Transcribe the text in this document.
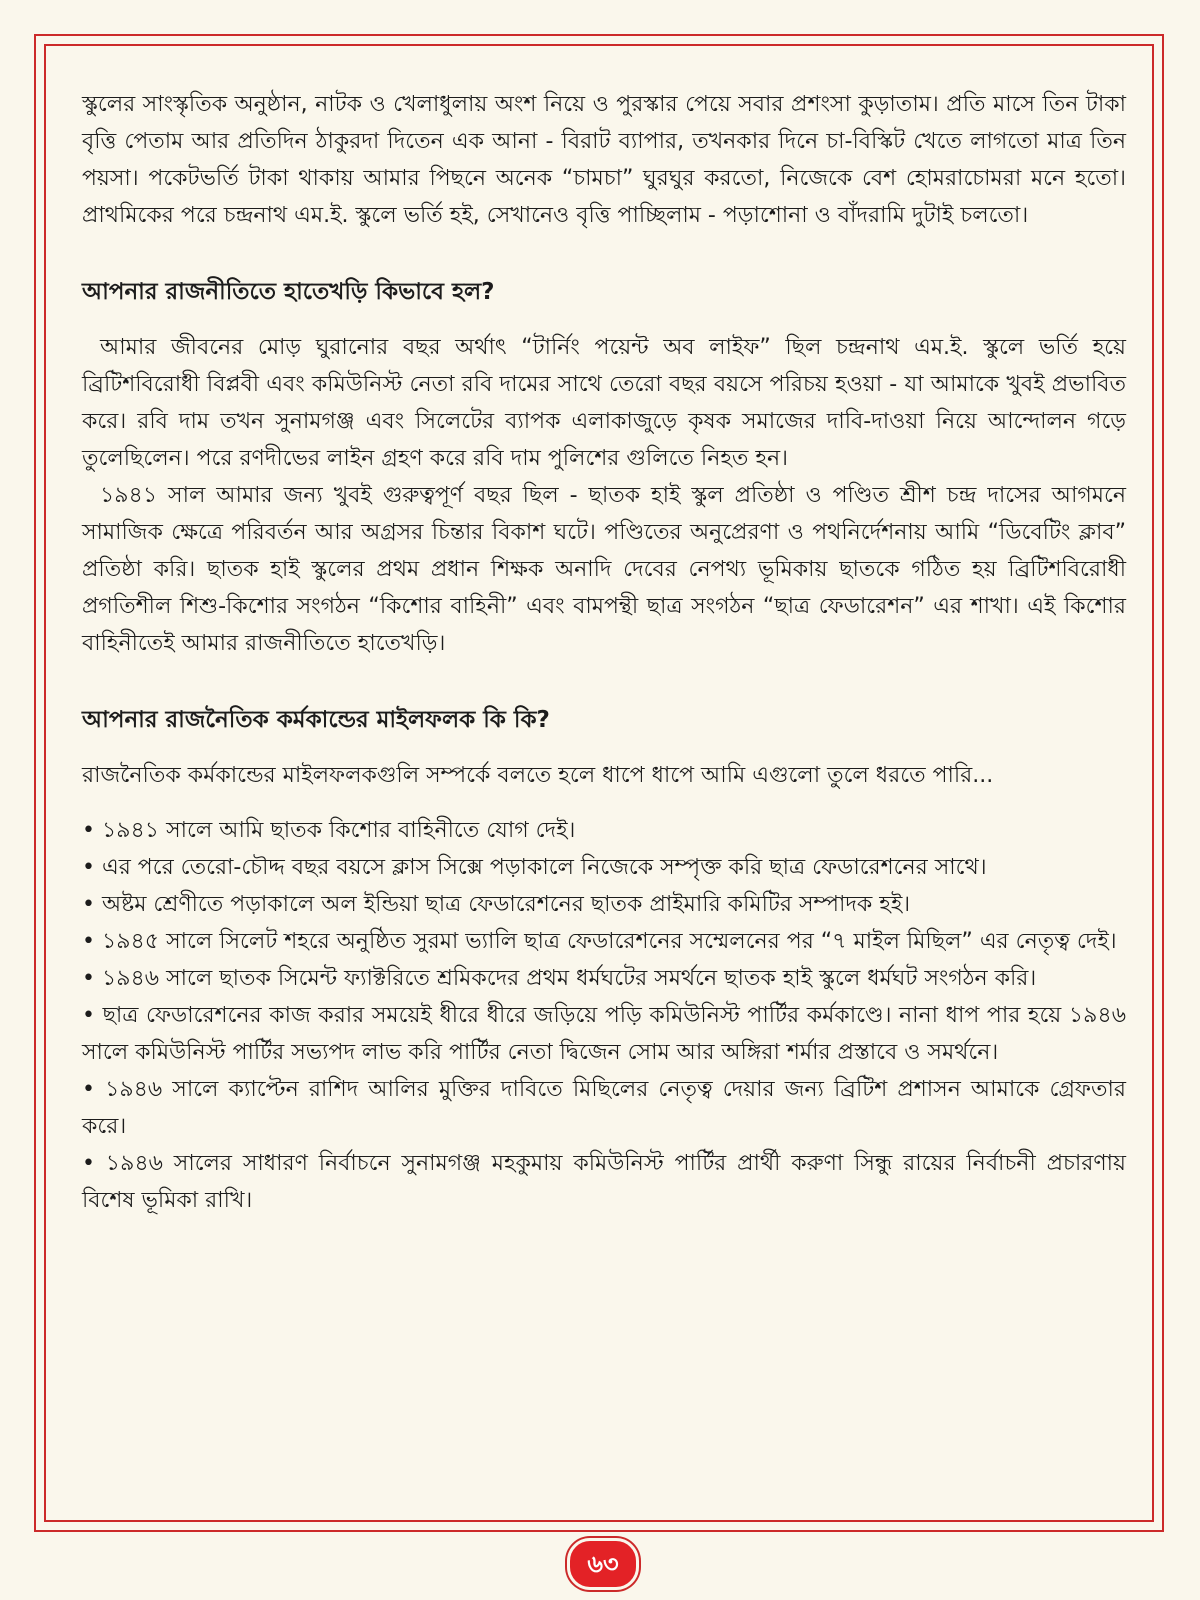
স্কুলের সাংস্কৃতিক অনুষ্ঠান, নাটক ও খেলাধুলায় অংশ নিয়ে ও পুরস্কার পেয়ে সবার প্রশংসা কুড়াতাম। প্রতি মাসে তিন টাকা বৃত্তি পেতাম আর প্রতিদিন ঠাকুরদা দিতেন এক আনা - বিরাট ব্যাপার, তখনকার দিনে চা-বিস্কিট খেতে লাগতো মাত্র তিন পয়সা। পকেটভর্তি টাকা থাকায় আমার পিছনে অনেক “চামচা” ঘুরঘুর করতো, নিজেকে বেশ হোমরাচোমরা মনে হতো। প্রাথমিকের পরে চন্দ্রনাথ এম.ই. স্কুলে ভর্তি হই, সেখানেও বৃত্তি পাচ্ছিলাম - পড়াশোনা ও বাঁদরামি দুটাই চলতো।

আপনার রাজনীতিতে হাতেখড়ি কিভাবে হল?

আমার জীবনের মোড় ঘুরানোর বছর অর্থাৎ “টার্নিং পয়েন্ট অব লাইফ” ছিল চন্দ্রনাথ এম.ই. স্কুলে ভর্তি হয়ে ব্রিটিশবিরোধী বিপ্লবী এবং কমিউনিস্ট নেতা রবি দামের সাথে তেরো বছর বয়সে পরিচয় হওয়া - যা আমাকে খুবই প্রভাবিত করে। রবি দাম তখন সুনামগঞ্জ এবং সিলেটের ব্যাপক এলাকাজুড়ে কৃষক সমাজের দাবি-দাওয়া নিয়ে আন্দোলন গড়ে তুলেছিলেন। পরে রণদীভের লাইন গ্রহণ করে রবি দাম পুলিশের গুলিতে নিহত হন।

১৯৪১ সাল আমার জন্য খুবই গুরুত্বপূর্ণ বছর ছিল - ছাতক হাই স্কুল প্রতিষ্ঠা ও পণ্ডিত শ্রীশ চন্দ্র দাসের আগমনে সামাজিক ক্ষেত্রে পরিবর্তন আর অগ্রসর চিন্তার বিকাশ ঘটে। পণ্ডিতের অনুপ্রেরণা ও পথনির্দেশনায় আমি “ডিবেটিং ক্লাব” প্রতিষ্ঠা করি। ছাতক হাই স্কুলের প্রথম প্রধান শিক্ষক অনাদি দেবের নেপথ্য ভূমিকায় ছাতকে গঠিত হয় ব্রিটিশবিরোধী প্রগতিশীল শিশু-কিশোর সংগঠন “কিশোর বাহিনী” এবং বামপন্থী ছাত্র সংগঠন “ছাত্র ফেডারেশন” এর শাখা। এই কিশোর বাহিনীতেই আমার রাজনীতিতে হাতেখড়ি।

আপনার রাজনৈতিক কর্মকান্ডের মাইলফলক কি কি?

রাজনৈতিক কর্মকান্ডের মাইলফলকগুলি সম্পর্কে বলতে হলে ধাপে ধাপে আমি এগুলো তুলে ধরতে পারি...

• ১৯৪১ সালে আমি ছাতক কিশোর বাহিনীতে যোগ দেই।

• এর পরে তেরো-চৌদ্দ বছর বয়সে ক্লাস সিক্সে পড়াকালে নিজেকে সম্পৃক্ত করি ছাত্র ফেডারেশনের সাথে।

• অষ্টম শ্রেণীতে পড়াকালে অল ইন্ডিয়া ছাত্র ফেডারেশনের ছাতক প্রাইমারি কমিটির সম্পাদক হই।

• ১৯৪৫ সালে সিলেট শহরে অনুষ্ঠিত সুরমা ভ্যালি ছাত্র ফেডারেশনের সম্মেলনের পর “৭ মাইল মিছিল” এর নেতৃত্ব দেই।

• ১৯৪৬ সালে ছাতক সিমেন্ট ফ্যাক্টরিতে শ্রমিকদের প্রথম ধর্মঘটের সমর্থনে ছাতক হাই স্কুলে ধর্মঘট সংগঠন করি।

• ছাত্র ফেডারেশনের কাজ করার সময়েই ধীরে ধীরে জড়িয়ে পড়ি কমিউনিস্ট পার্টির কর্মকাণ্ডে। নানা ধাপ পার হয়ে ১৯৪৬ সালে কমিউনিস্ট পার্টির সভ্যপদ লাভ করি পার্টির নেতা দ্বিজেন সোম আর অঙ্গিরা শর্মার প্রস্তাবে ও সমর্থনে।

• ১৯৪৬ সালে ক্যাপ্টেন রাশিদ আলির মুক্তির দাবিতে মিছিলের নেতৃত্ব দেয়ার জন্য ব্রিটিশ প্রশাসন আমাকে গ্রেফতার করে।

• ১৯৪৬ সালের সাধারণ নির্বাচনে সুনামগঞ্জ মহকুমায় কমিউনিস্ট পার্টির প্রার্থী করুণা সিন্ধু রায়ের নির্বাচনী প্রচারণায় বিশেষ ভূমিকা রাখি।

৬৩
